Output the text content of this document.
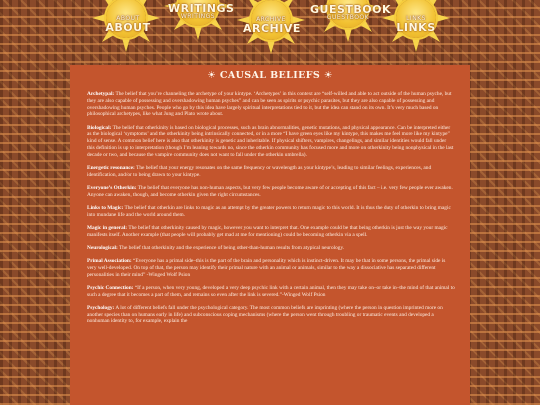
ABOUT
ABOUT
WRITINGS
WRITINGS	ARCHIVE
ARCHIVE
GUESTBOOK
GUESTBOOK	LINKS
LINKS
☀ CAUSAL BELIEFS ☀

Archetypal: The belief that you’re channeling the archetype of your kintype. ‘Archetypes’ in this context are “self-willed and able to act outside of the human psyche, but they are also capable of possessing and overshadowing human psyches” and can be seen as spirits or psychic parasites, but they are also capable of possessing and overshadowing human psyches. People who go by this idea have largely spiritual interpretations tied to it, but the idea can stand on its own. It’s very much based on philosophical archetypes, like what Jung and Plato wrote about.

Biological: The belief that otherkinity is based on biological processes, such as brain abnormalities, genetic mutations, and physical appearance. Can be interpreted either as the biological ‘symptoms’ and the otherkinity being intrinsically connected, or in a more “I have green eyes like my kintype, this makes me feel more like my kintype” kind of sense. A common belief here is also that otherkinity is genetic and inheritable. If physical shifters, vampires, changelings, and similar identities would fall under this definition is up to interpretation (though I’m leaning towards no, since the otherkin community has focused more and more on otherkinity being nonphysical in the last decade or two, and because the vampire community does not want to fall under the otherkin umbrella).

Energetic resonance: The belief that your energy resonates on the same frequency or wavelength as your kintype’s, leading to similar feelings, experiences, and identification, and/or to being drawn to your kintype.

Everyone’s Otherkin: The belief that everyone has non-human aspects, but very few people become aware of or accepting of this fact – i.e. very few people ever awaken. Anyone can awaken, though, and become otherkin given the right circumstances.

Links to Magic: The belief that otherkin are links to magic as an attempt by the greater powers to return magic to this world. It is thus the duty of otherkin to bring magic into mundane life and the world around them.

Magic in general: The belief that otherkinity caused by magic, however you want to interpret that. One example could be that being otherkin is just the way your magic manifests itself. Another example (that people will probably get mad at me for mentioning) could be becoming otherkin via a spell.

Neurological: The belief that otherkinity and the experience of being other-than-human results from atypical neurology.

Primal Association: “Everyone has a primal side–this is the part of the brain and personality which is instinct-driven. It may be that in some persons, the primal side is very well-developed. On top of that, the person may identify their primal nature with an animal or animals, similar to the way a dissociative has separated different personalities in their mind” -Winged Wolf Psion

Psychic Connection: “If a person, when very young, developed a very deep psychic link with a certain animal, then they may take on–or take in–the mind of that animal to such a degree that it becomes a part of them, and remains so even after the link is severed.”-Winged Wolf Psion

Psychology: A lot of different beliefs fall under the psychological category. The most common beliefs are imprinting (where the person in question imprinted more on another species than on humans early in life) and subconscious coping mechanisms (where the person went through troubling or traumatic events and developed a nonhuman identity to, for example, explain the
